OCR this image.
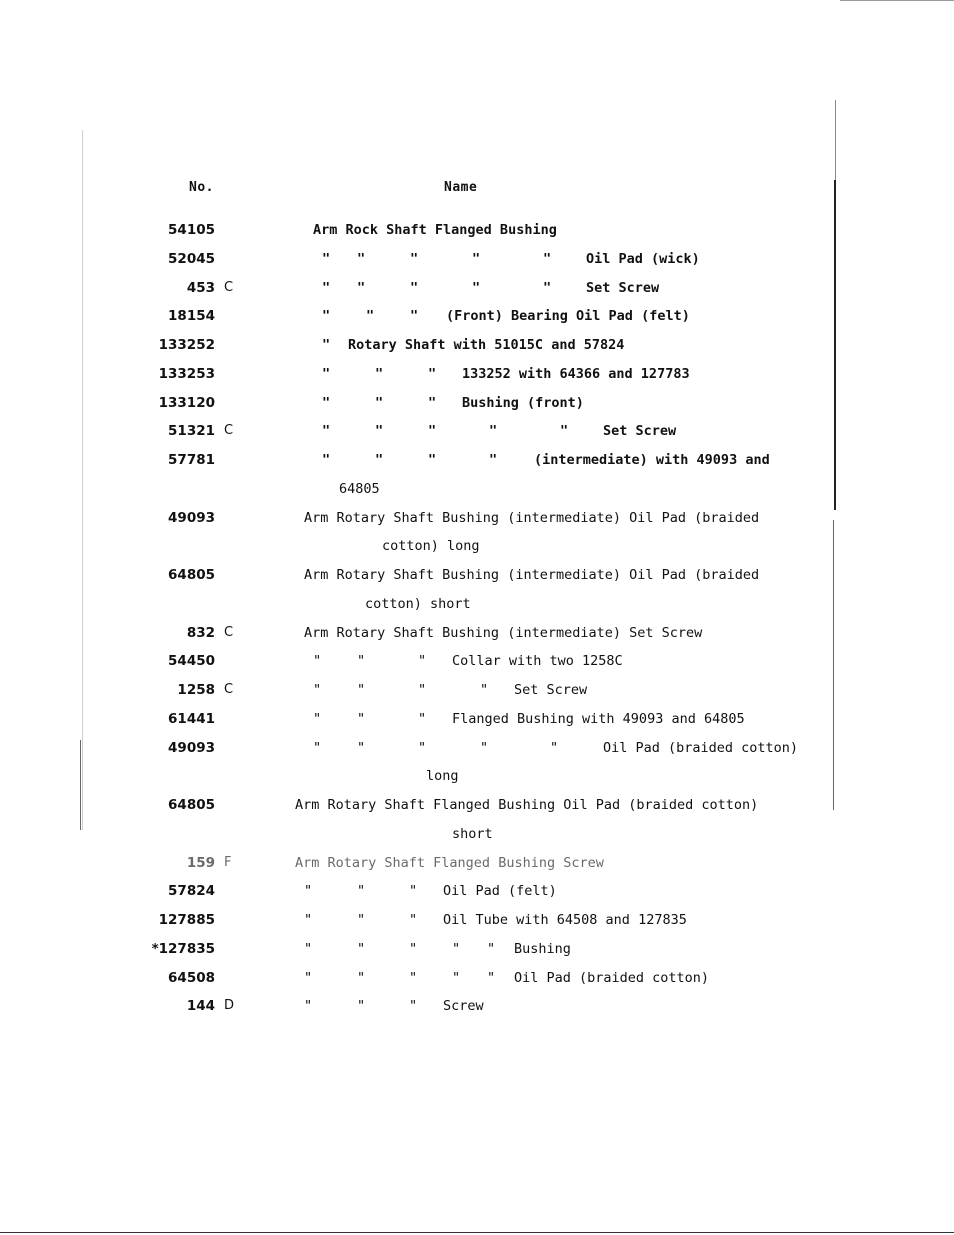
No.	Name
54105	Arm Rock Shaft Flanged Bushing
52045	" "	"	"	"	Oil Pad (wick)
453 C	" "	"	"	"	Set Screw
18154	"	"	" (Front) Bearing Oil Pad (felt)
133252	" Rotary Shaft with 51015C and 57824
133253	"	"	" 133252 with 64366 and 127783
133120	"	"	" Bushing (front)
51321 C	"	"	"	"	"	Set Screw
57781	"	"	"	"	(intermediate) with 49093 and
64805
49093	Arm Rotary Shaft Bushing (intermediate) Oil Pad (braided
cotton) long
64805	Arm Rotary Shaft Bushing (intermediate) Oil Pad (braided
cotton) short
832 C	Arm Rotary Shaft Bushing (intermediate) Set Screw
54450	"	"	" Collar with two 1258C
1258 C	"	"	"	" Set Screw
61441	"	"	" Flanged Bushing with 49093 and 64805
49093	"	"	"	"	"	Oil Pad (braided cotton)
long
64805	Arm Rotary Shaft Flanged Bushing Oil Pad (braided cotton)
short
159 F	Arm Rotary Shaft Flanged Bushing Screw
57824	"	"	" Oil Pad (felt)
127885	"	"	" Oil Tube with 64508 and 127835
*127835	"	"	"	" " Bushing
64508	"	"	"	" " Oil Pad (braided cotton)
144 D	"	"	" Screw
